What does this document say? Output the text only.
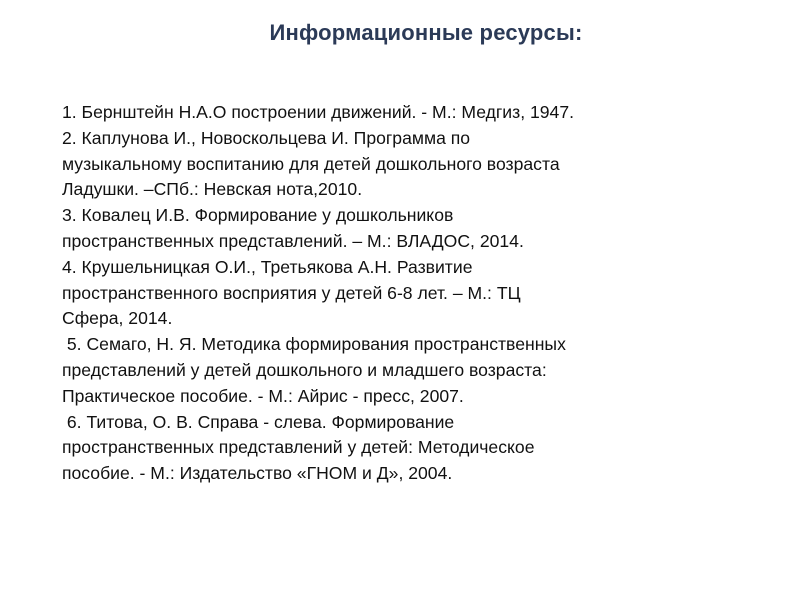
Информационные ресурсы:
1. Бернштейн Н.А.О построении движений. - М.: Медгиз, 1947.
2. Каплунова И., Новоскольцева И. Программа по
музыкальному воспитанию для детей дошкольного возраста
Ладушки. –СПб.: Невская нота,2010.
3. Ковалец И.В. Формирование у дошкольников
пространственных представлений. – М.: ВЛАДОС, 2014.
4. Крушельницкая О.И., Третьякова А.Н. Развитие
пространственного восприятия у детей 6-8 лет. – М.: ТЦ
Сфера, 2014.
5. Семаго, Н. Я. Методика формирования пространственных
представлений у детей дошкольного и младшего возраста:
Практическое пособие. - М.: Айрис - пресс, 2007.
6. Титова, О. В. Справа - слева. Формирование
пространственных представлений у детей: Методическое
пособие. - М.: Издательство «ГНОМ и Д», 2004.
